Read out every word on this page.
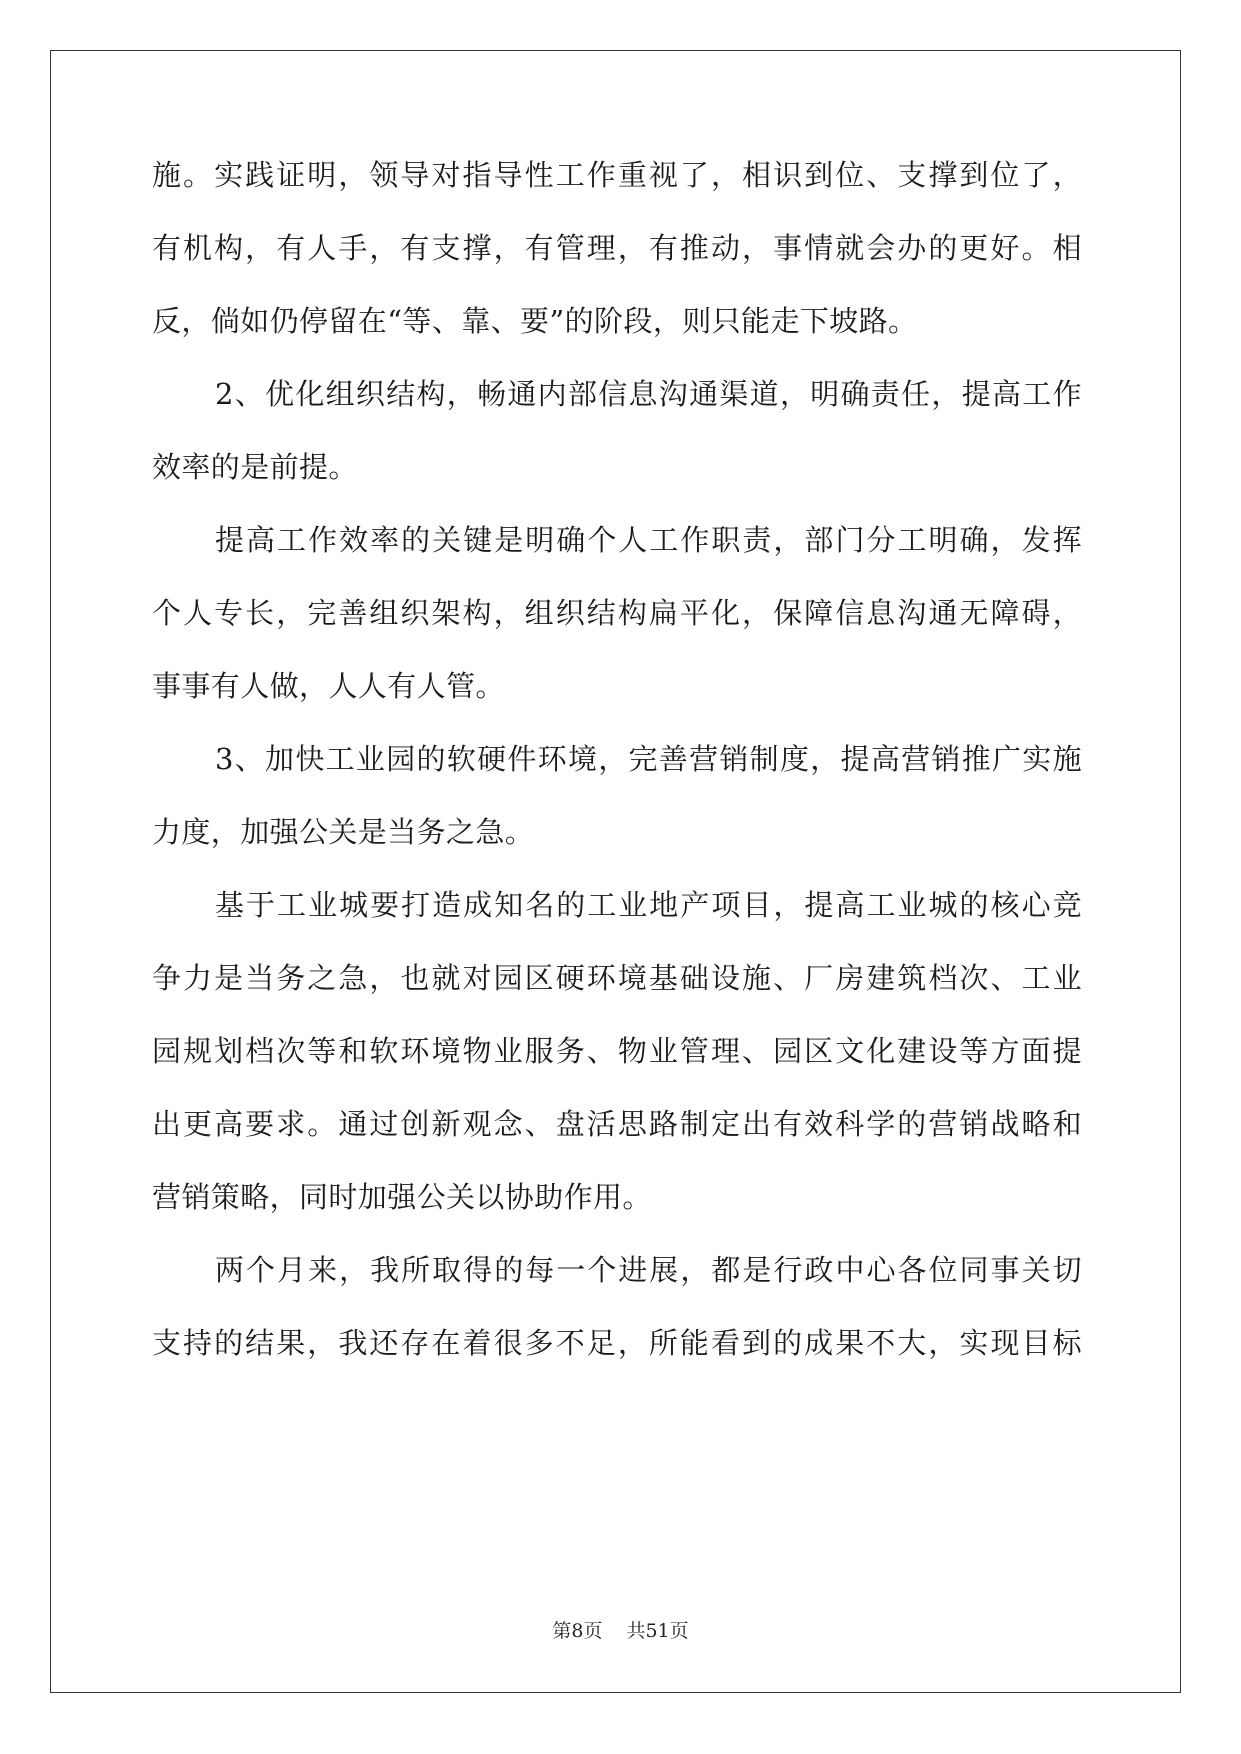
施。实践证明，领导对指导性工作重视了，相识到位、支撑到位了，
有机构，有人手，有支撑，有管理，有推动，事情就会办的更好。相
反，倘如仍停留在“等、靠、要”的阶段，则只能走下坡路。
2、优化组织结构，畅通内部信息沟通渠道，明确责任，提高工作
效率的是前提。
提高工作效率的关键是明确个人工作职责，部门分工明确，发挥
个人专长，完善组织架构，组织结构扁平化，保障信息沟通无障碍，
事事有人做，人人有人管。
3、加快工业园的软硬件环境，完善营销制度，提高营销推广实施
力度，加强公关是当务之急。
基于工业城要打造成知名的工业地产项目，提高工业城的核心竞
争力是当务之急，也就对园区硬环境基础设施、厂房建筑档次、工业
园规划档次等和软环境物业服务、物业管理、园区文化建设等方面提
出更高要求。通过创新观念、盘活思路制定出有效科学的营销战略和
营销策略，同时加强公关以协助作用。
两个月来，我所取得的每一个进展，都是行政中心各位同事关切
支持的结果，我还存在着很多不足，所能看到的成果不大，实现目标
第8页 共51页
